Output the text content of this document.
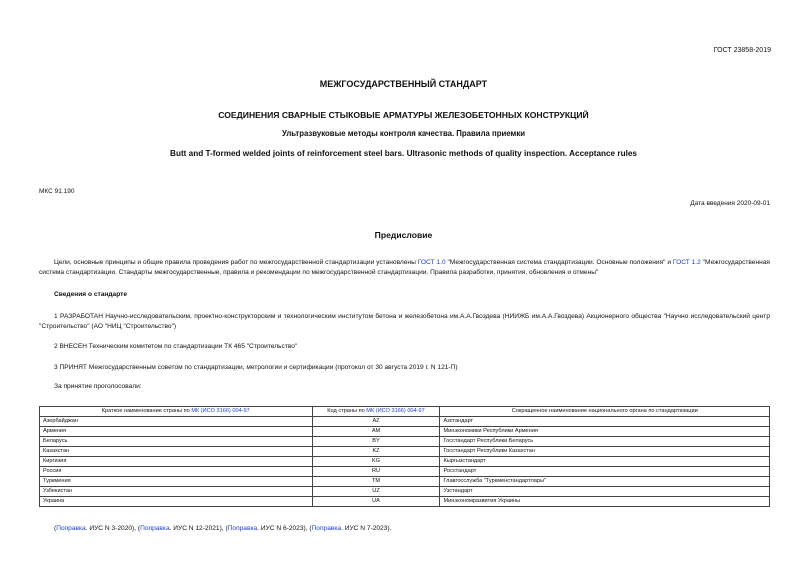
ГОСТ 23858-2019
МЕЖГОСУДАРСТВЕННЫЙ СТАНДАРТ
СОЕДИНЕНИЯ СВАРНЫЕ СТЫКОВЫЕ АРМАТУРЫ ЖЕЛЕЗОБЕТОННЫХ КОНСТРУКЦИЙ
Ультразвуковые методы контроля качества. Правила приемки
Butt and T-formed welded joints of reinforcement steel bars. Ultrasonic methods of quality inspection. Acceptance rules
МКС 91.190
Дата введения 2020-09-01
Предисловие
Цели, основные принципы и общие правила проведения работ по межгосударственной стандартизации установлены ГОСТ 1.0 "Межгосударственная система стандартизации. Основные положения" и ГОСТ 1.2 "Межгосударственная система стандартизации. Стандарты межгосударственные, правила и рекомендации по межгосударственной стандартизации. Правила разработки, принятия, обновления и отмены"
Сведения о стандарте
1 РАЗРАБОТАН Научно-исследовательским, проектно-конструкторским и технологическим институтом бетона и железобетона им.А.А.Гвоздева (НИИЖБ им.А.А.Гвоздева) Акционерного общества "Научно исследовательский центр "Строительство" (АО "НИЦ "Строительство")
2 ВНЕСЕН Техническим комитетом по стандартизации ТК 465 "Строительство"
3 ПРИНЯТ Межгосударственным советом по стандартизации, метрологии и сертификации (протокол от 30 августа 2019 г. N 121-П)
За принятие проголосовали:
Краткое наименование страны по МК (ИСО 3166) 004-97	Код страны по МК (ИСО 3166) 004-97	Сокращенное наименование национального органа по стандартизации
Азербайджан	AZ	Азстандарт
Армения	AM	Минэкономики Республики Армения
Беларусь	BY	Госстандарт Республики Беларусь
Казахстан	KZ	Госстандарт Республики Казахстан
Киргизия	KG	Кыргызстандарт
Россия	RU	Росстандарт
Туркмения	TM	Главгосслужба "Туркменстандартлары"
Узбекистан	UZ	Узстандарт
Украина	UA	Минэкономразвития Украины
(Поправка. ИУС N 3-2020), (Поправка. ИУС N 12-2021), (Поправка. ИУС N 6-2023), (Поправка. ИУС N 7-2023).
